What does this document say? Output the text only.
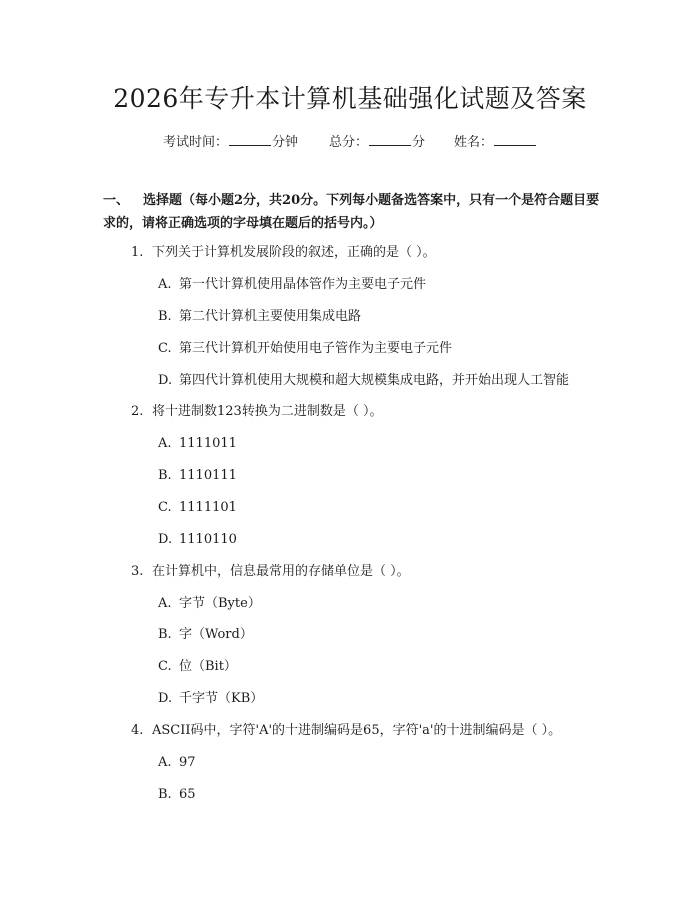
2026年专升本计算机基础强化试题及答案
考试时间：	分钟 总分：	分 姓名：
一、 选择题（每小题2分，共20分。下列每小题备选答案中，只有一个是符合题目要求的，请将正确选项的字母填在题后的括号内。）
1. 下列关于计算机发展阶段的叙述，正确的是（ ）。
A. 第一代计算机使用晶体管作为主要电子元件
B. 第二代计算机主要使用集成电路
C. 第三代计算机开始使用电子管作为主要电子元件
D. 第四代计算机使用大规模和超大规模集成电路，并开始出现人工智能
2. 将十进制数123转换为二进制数是（ ）。
A. 1111011
B. 1110111
C. 1111101
D. 1110110
3. 在计算机中，信息最常用的存储单位是（ ）。
A. 字节（Byte）
B. 字（Word）
C. 位（Bit）
D. 千字节（KB）
4. ASCII码中，字符'A'的十进制编码是65，字符'a'的十进制编码是（ ）。
A. 97
B. 65
